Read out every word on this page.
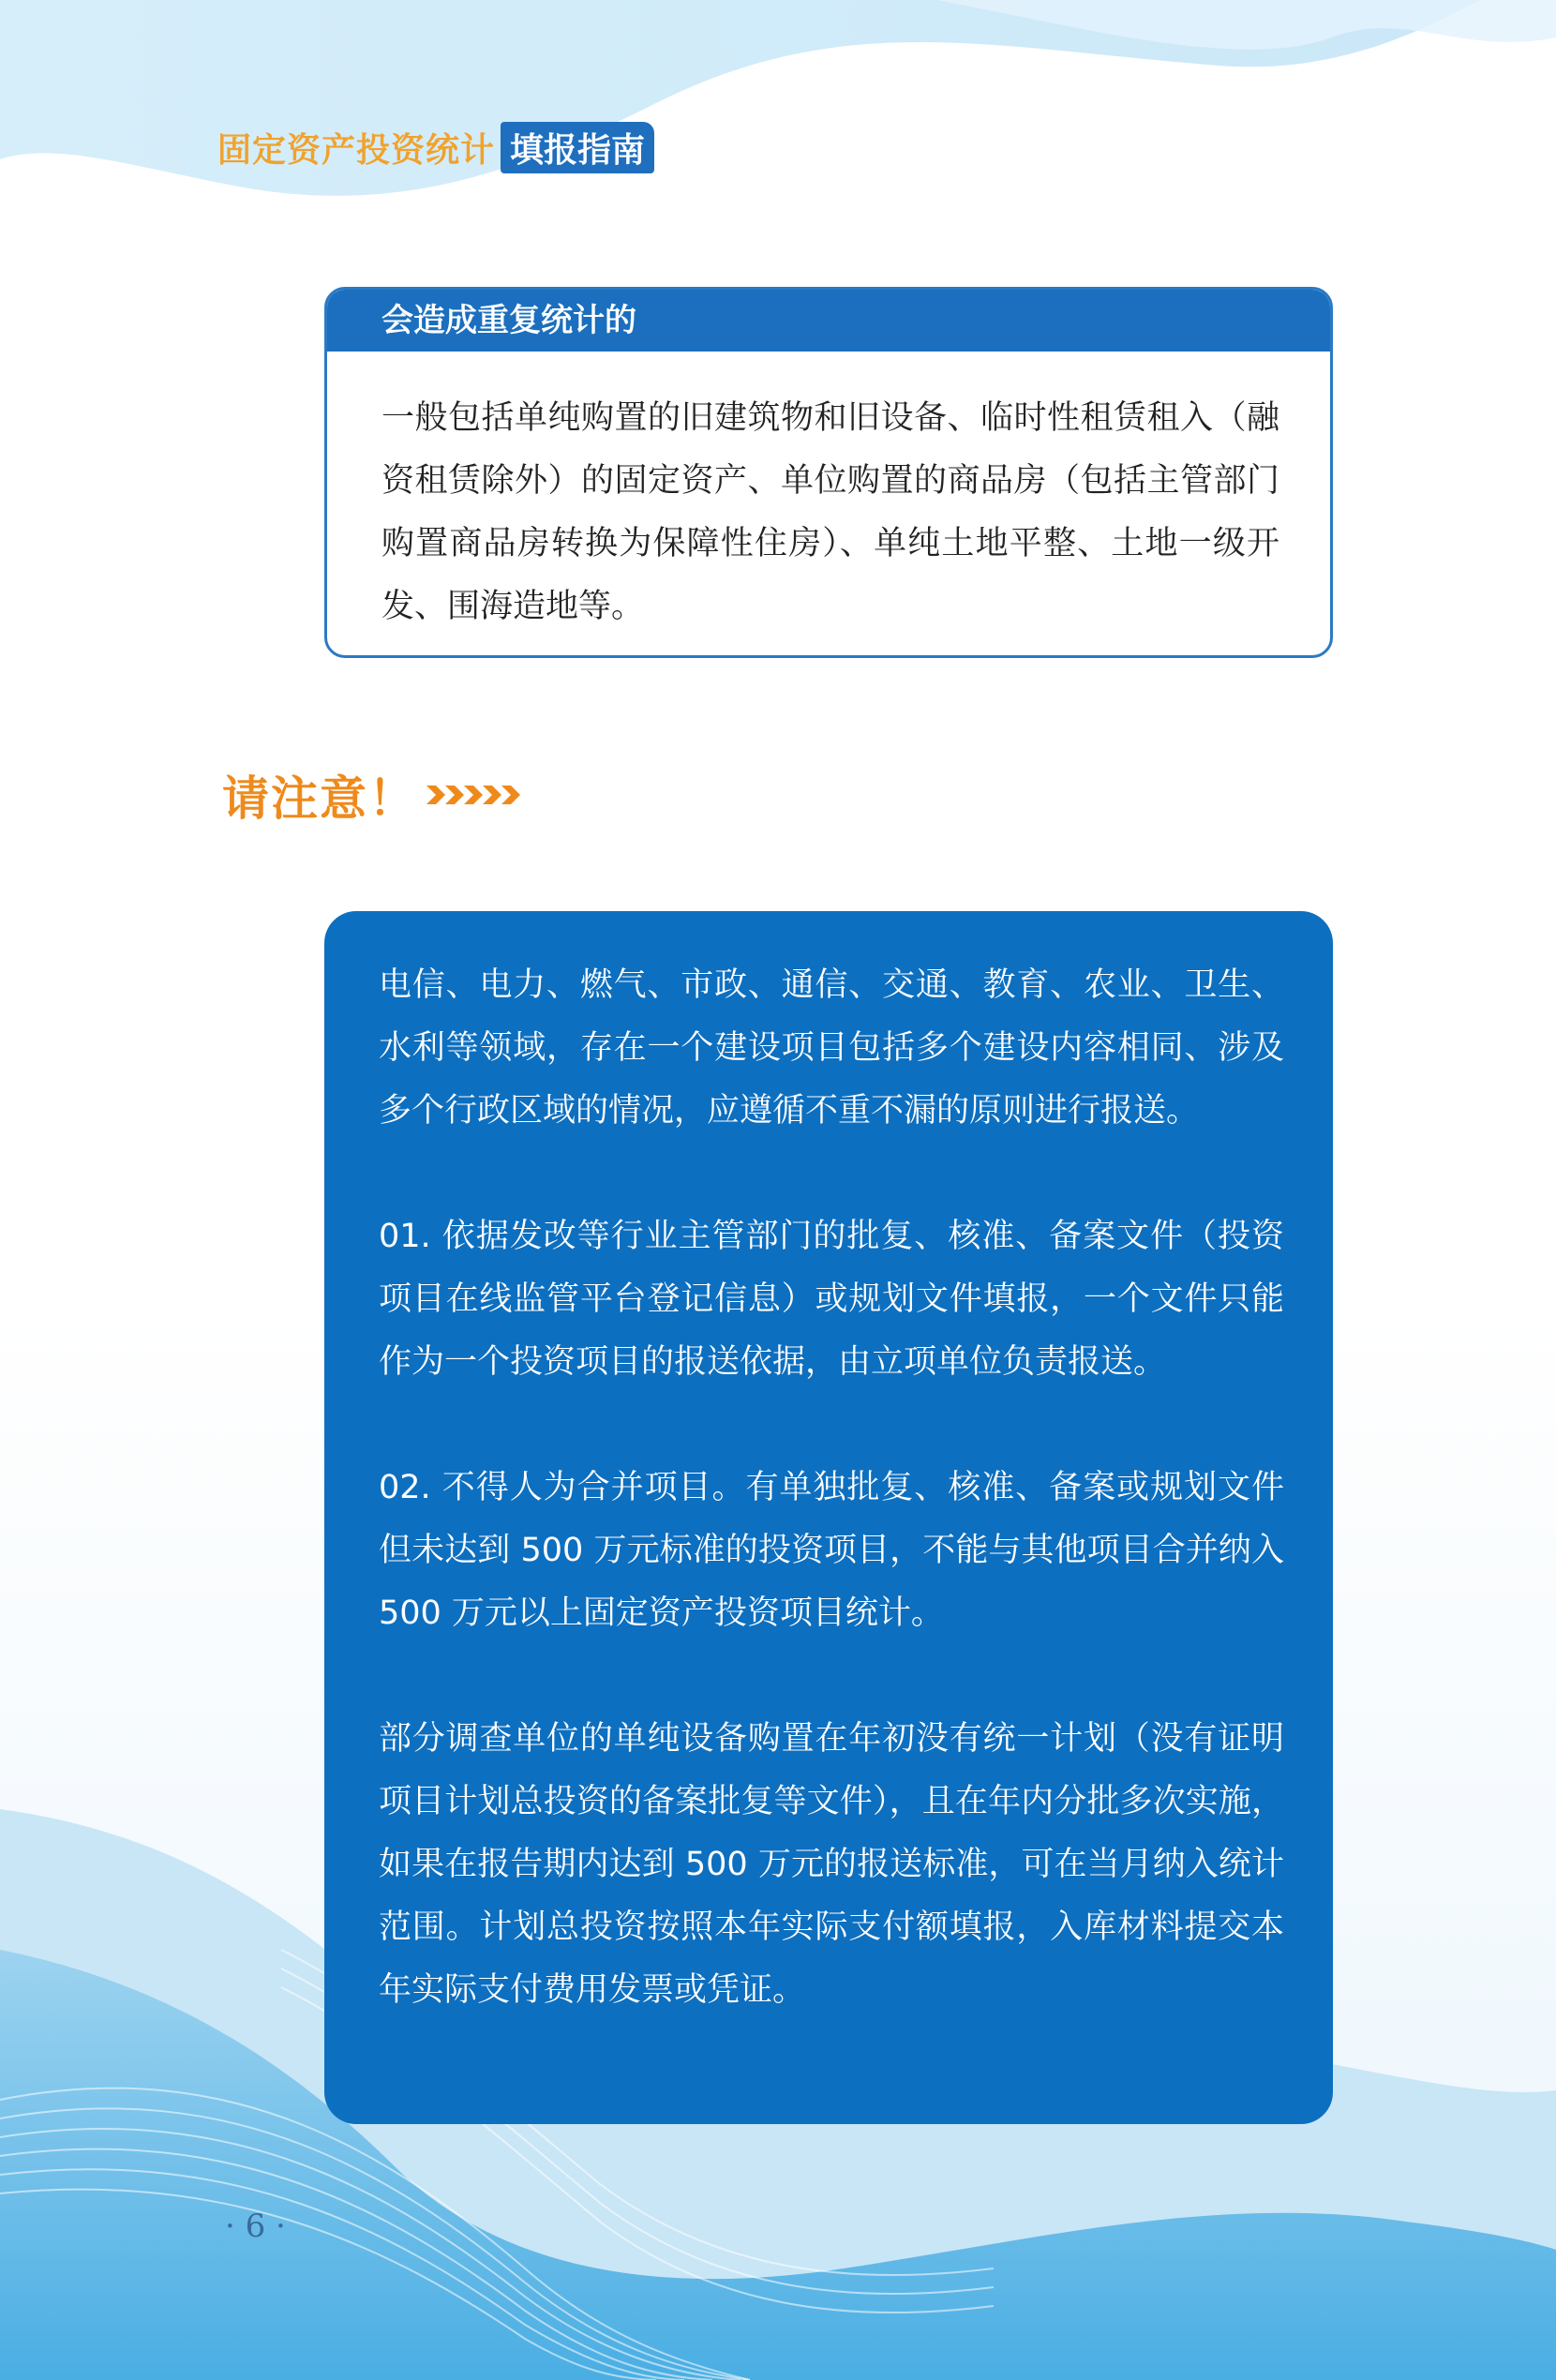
固定资产投资统计 填报指南
会造成重复统计的
一般包括单纯购置的旧建筑物和旧设备、临时性租赁租入（融资租赁除外）的固定资产、单位购置的商品房（包括主管部门购置商品房转换为保障性住房）、单纯土地平整、土地一级开发、围海造地等。
请注意！

电信、电力、燃气、市政、通信、交通、教育、农业、卫生、水利等领域，存在一个建设项目包括多个建设内容相同、涉及多个行政区域的情况，应遵循不重不漏的原则进行报送。

01. 依据发改等行业主管部门的批复、核准、备案文件（投资项目在线监管平台登记信息）或规划文件填报，一个文件只能作为一个投资项目的报送依据，由立项单位负责报送。

02. 不得人为合并项目。有单独批复、核准、备案或规划文件但未达到 500 万元标准的投资项目，不能与其他项目合并纳入 500 万元以上固定资产投资项目统计。

部分调查单位的单纯设备购置在年初没有统一计划（没有证明项目计划总投资的备案批复等文件），且在年内分批多次实施，如果在报告期内达到 500 万元的报送标准，可在当月纳入统计范围。计划总投资按照本年实际支付额填报，入库材料提交本年实际支付费用发票或凭证。

· 6 ·
